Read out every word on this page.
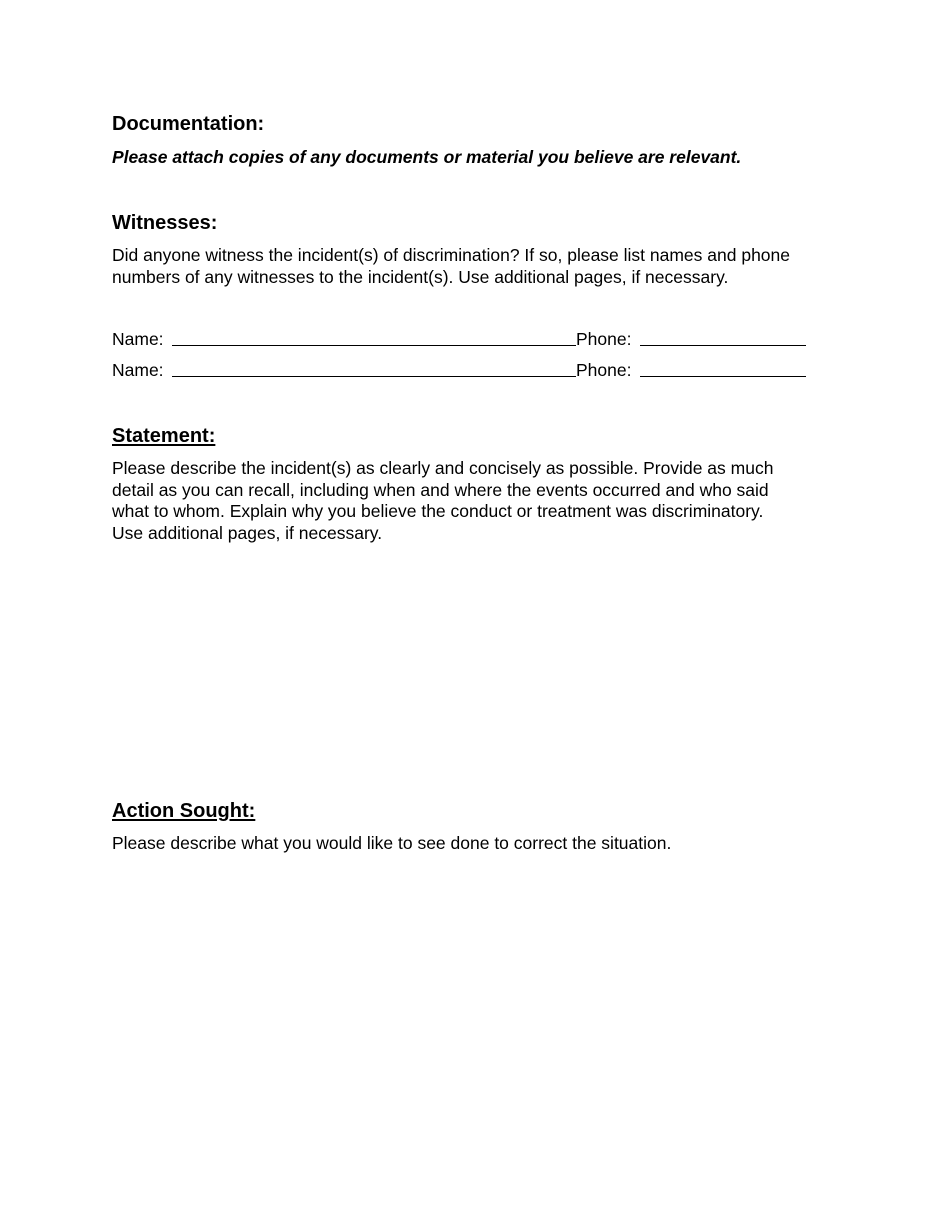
Documentation:

Please attach copies of any documents or material you believe are relevant.

Witnesses:
Did anyone witness the incident(s) of discrimination? If so, please list names and phone
numbers of any witnesses to the incident(s). Use additional pages, if necessary.
Name:	Phone:
Name:	Phone:
Statement:
Please describe the incident(s) as clearly and concisely as possible. Provide as much
detail as you can recall, including when and where the events occurred and who said
what to whom. Explain why you believe the conduct or treatment was discriminatory.
Use additional pages, if necessary.
Action Sought:

Please describe what you would like to see done to correct the situation.
